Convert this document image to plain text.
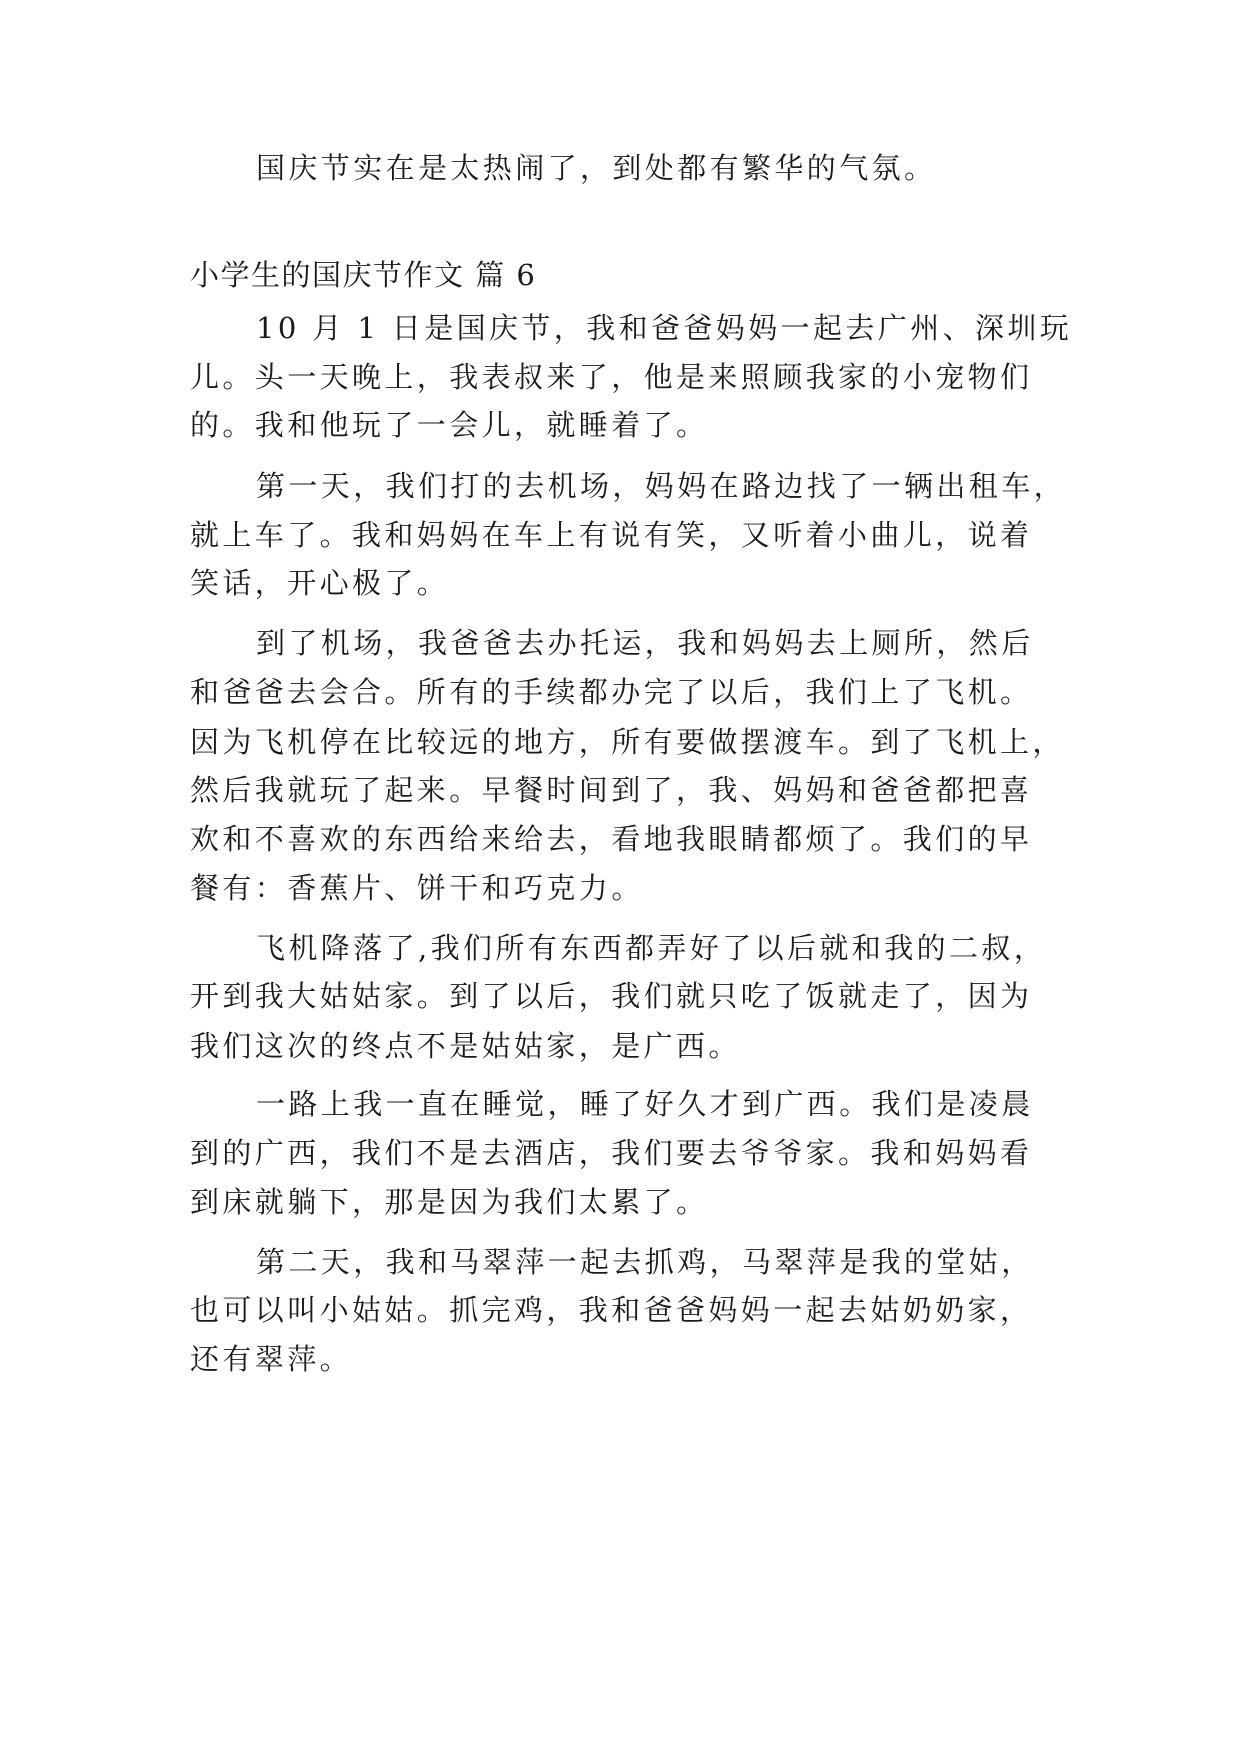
国庆节实在是太热闹了，到处都有繁华的气氛。
小学生的国庆节作文 篇 6
10 月 1 日是国庆节，我和爸爸妈妈一起去广州、深圳玩
儿。头一天晚上，我表叔来了，他是来照顾我家的小宠物们
的。我和他玩了一会儿，就睡着了。
第一天，我们打的去机场，妈妈在路边找了一辆出租车，
就上车了。我和妈妈在车上有说有笑，又听着小曲儿，说着
笑话，开心极了。
到了机场，我爸爸去办托运，我和妈妈去上厕所，然后
和爸爸去会合。所有的手续都办完了以后，我们上了飞机。
因为飞机停在比较远的地方，所有要做摆渡车。到了飞机上，
然后我就玩了起来。早餐时间到了，我、妈妈和爸爸都把喜
欢和不喜欢的东西给来给去，看地我眼睛都烦了。我们的早
餐有：香蕉片、饼干和巧克力。
飞机降落了,我们所有东西都弄好了以后就和我的二叔，
开到我大姑姑家。到了以后，我们就只吃了饭就走了，因为
我们这次的终点不是姑姑家，是广西。
一路上我一直在睡觉，睡了好久才到广西。我们是凌晨
到的广西，我们不是去酒店，我们要去爷爷家。我和妈妈看
到床就躺下，那是因为我们太累了。
第二天，我和马翠萍一起去抓鸡，马翠萍是我的堂姑，
也可以叫小姑姑。抓完鸡，我和爸爸妈妈一起去姑奶奶家，
还有翠萍。
